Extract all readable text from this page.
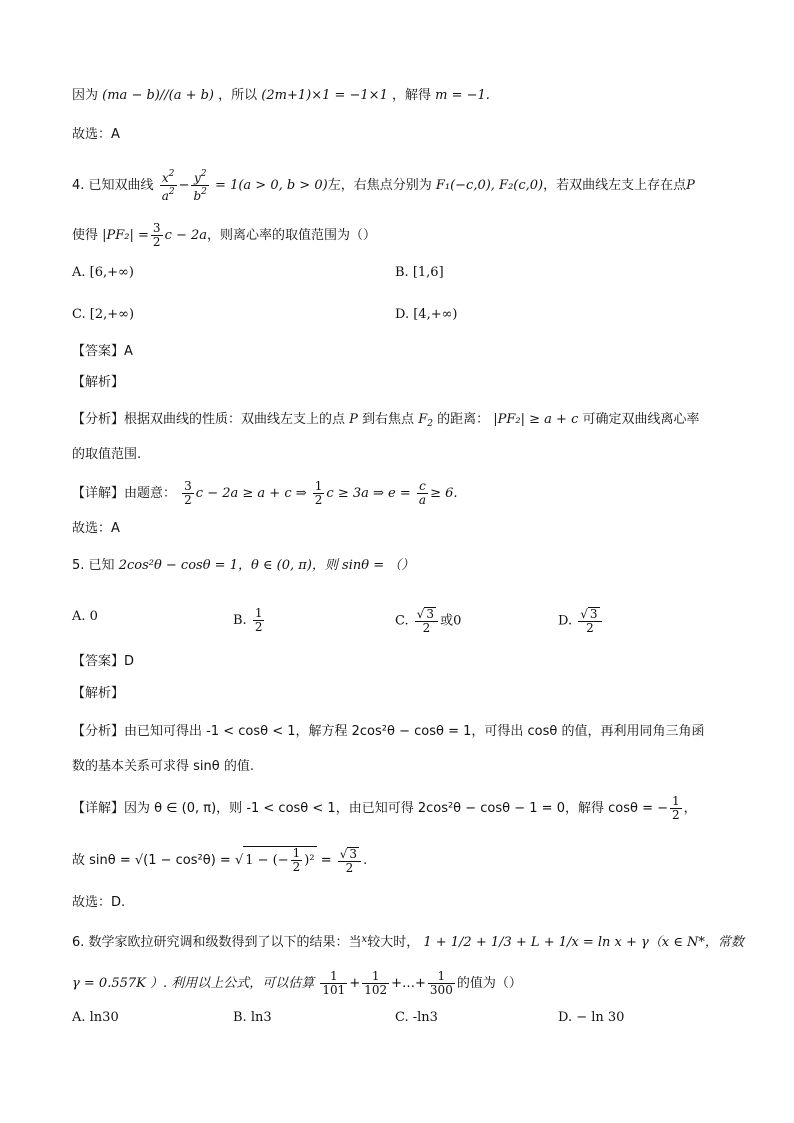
因为 (ma − b)//(a + b) ，所以 (2m+1)×1 = −1×1 ，解得 m = −1.
故选：A
4. 已知双曲线 $\frac{x^2}{a^2} - \frac{y^2}{b^2} = 1(a > 0$, b > 0)左，右焦点分别为 F₁(−c,0), F₂(c,0)，若双曲线左支上存在点P
使得 $|PF_2| = \frac{3}{2}$ c − 2a，则离心率的取值范围为（）
A. [6,+∞)	B. [1,6]
C. [2,+∞)	D. [4,+∞)
【答案】A
【解析】
【分析】根据双曲线的性质：双曲线左支上的点 P 到右焦点 $F_2$ 的距离： |PF₂| ≥ a + c 可确定双曲线离心率
的取值范围.
【详解】由题意： $\frac{3}{2}$ c − 2a ≥ a + c ⇒ $\frac{1}{2}$ c ≥ 3a ⇒ $e = \frac{c}{a} \ge 6$.
故选：A
5. 已知 2cos²θ − cosθ = 1，θ ∈ (0, π)，则 sinθ = （）
A. 0	B. $\frac{1}{2}$	C. $\frac{√ 3}{2}$ 或0	D. $\frac{√ 3}{2}$
【答案】D
【解析】
【分析】由已知可得出 -1 < cosθ < 1，解方程 2cos²θ − cosθ = 1，可得出 cosθ 的值，再利用同角三角函
数的基本关系可求得 sinθ 的值.
【详解】因为 θ ∈ (0, π)，则 -1 < cosθ < 1，由已知可得 2cos²θ − cosθ − 1 = 0，解得 cosθ = − $\frac{1}{2}$ ，
故 sinθ = √(1 − cos²θ) = √ 1 − (− $\frac{1}{2} )^2 = \frac{√ 3}{2}$ .
故选：D.
6. 数学家欧拉研究调和级数得到了以下的结果：当$^x$较大时， 1 + 1/2 + 1/3 + L + 1/x = ln x + γ（x ∈ N*，常数
γ = 0.557K ）. 利用以上公式，可以估算 $\frac{1}{101} + \frac{1}{102}$ +…+ $\frac{1}{300}$ 的值为（）
A. ln30	B. ln3	C. -ln3	D. − ln 30
